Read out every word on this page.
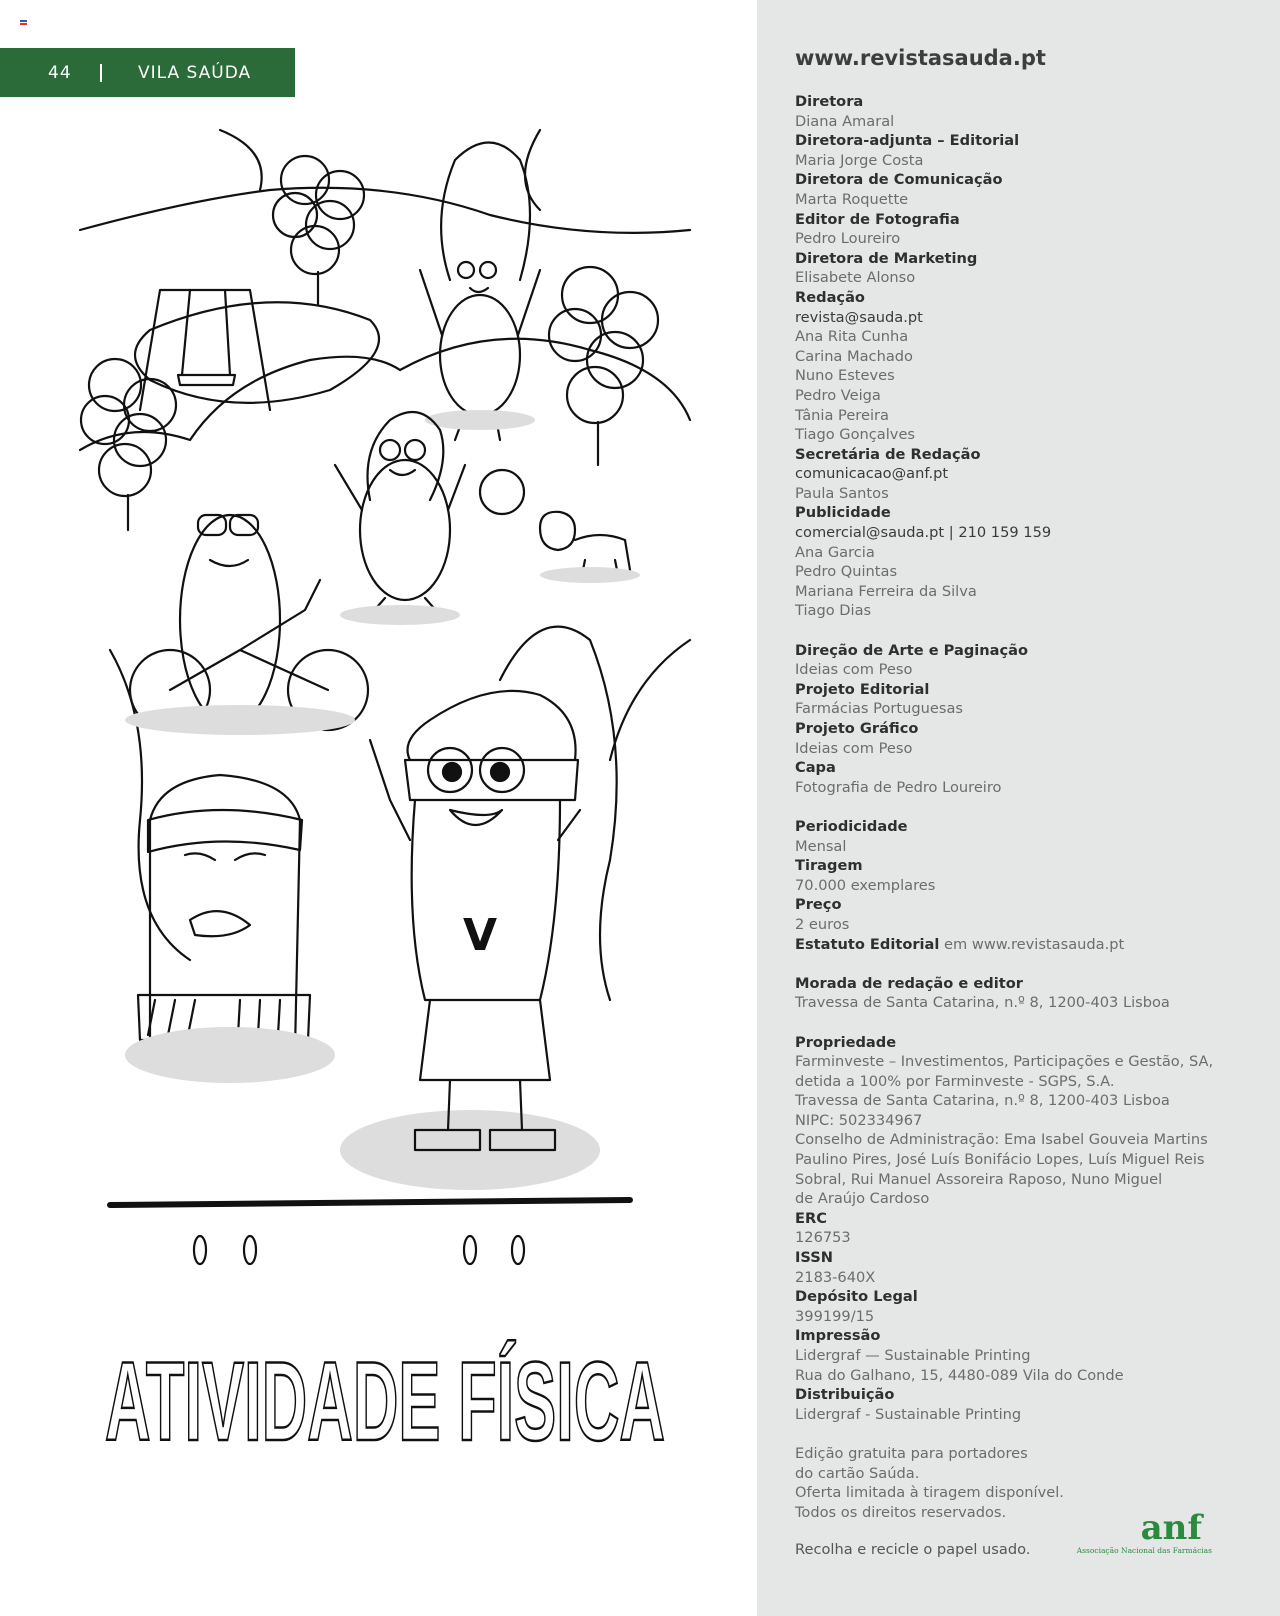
44	VILA SAÚDA
V
ATIVIDADE FÍSICA
www.revistasauda.pt
Diretora
Diana Amaral
Diretora-adjunta – Editorial
Maria Jorge Costa
Diretora de Comunicação
Marta Roquette
Editor de Fotografia
Pedro Loureiro
Diretora de Marketing
Elisabete Alonso
Redação
revista@sauda.pt
Ana Rita Cunha
Carina Machado
Nuno Esteves
Pedro Veiga
Tânia Pereira
Tiago Gonçalves
Secretária de Redação
comunicacao@anf.pt
Paula Santos
Publicidade
comercial@sauda.pt | 210 159 159
Ana Garcia
Pedro Quintas
Mariana Ferreira da Silva
Tiago Dias
Direção de Arte e Paginação
Ideias com Peso
Projeto Editorial
Farmácias Portuguesas
Projeto Gráfico
Ideias com Peso
Capa
Fotografia de Pedro Loureiro
Periodicidade
Mensal
Tiragem
70.000 exemplares
Preço
2 euros
Estatuto Editorial em www.revistasauda.pt
Morada de redação e editor
Travessa de Santa Catarina, n.º 8, 1200-403 Lisboa
Propriedade
Farminveste – Investimentos, Participações e Gestão, SA,
detida a 100% por Farminveste - SGPS, S.A.
Travessa de Santa Catarina, n.º 8, 1200-403 Lisboa
NIPC: 502334967
Conselho de Administração: Ema Isabel Gouveia Martins
Paulino Pires, José Luís Bonifácio Lopes, Luís Miguel Reis
Sobral, Rui Manuel Assoreira Raposo, Nuno Miguel
de Araújo Cardoso
ERC
126753
ISSN
2183-640X
Depósito Legal
399199/15
Impressão
Lidergraf — Sustainable Printing
Rua do Galhano, 15, 4480-089 Vila do Conde
Distribuição
Lidergraf - Sustainable Printing
Edição gratuita para portadores
do cartão Saúda.
Oferta limitada à tiragem disponível.
Todos os direitos reservados.
Recolha e recicle o papel usado.
anf
Associação Nacional das Farmácias
